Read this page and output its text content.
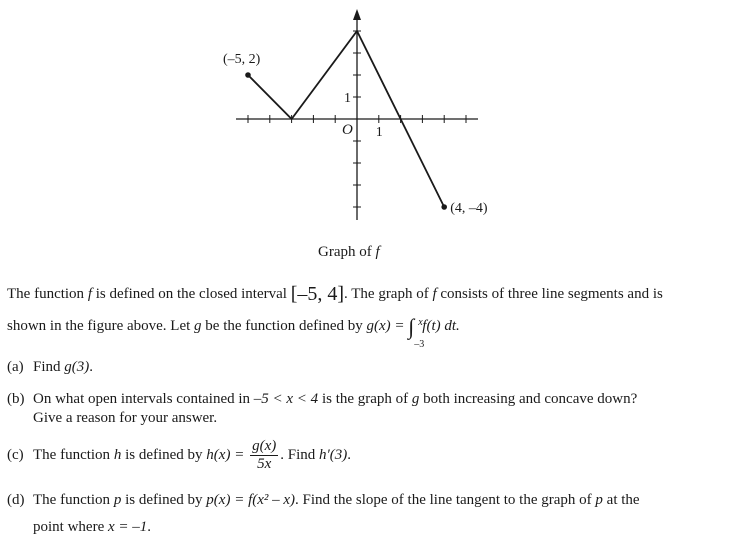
(–5, 2)
(4, –4)
O 1
1
Graph of f
The function f is defined on the closed interval [–5, 4]. The graph of f consists of three line segments and is
shown in the figure above. Let g be the function defined by g(x) = ∫ x
–3
f(t) dt.
(a) Find g(3).
(b) On what open intervals contained in –5 < x < 4 is the graph of g both increasing and concave down?
Give a reason for your answer.
(c) The function h is defined by $h(x) = \frac{g(x)}{5x}$ . Find h′(3).
(d) The function p is defined by p(x) = f(x² – x). Find the slope of the line tangent to the graph of p at the
point where x = –1.
